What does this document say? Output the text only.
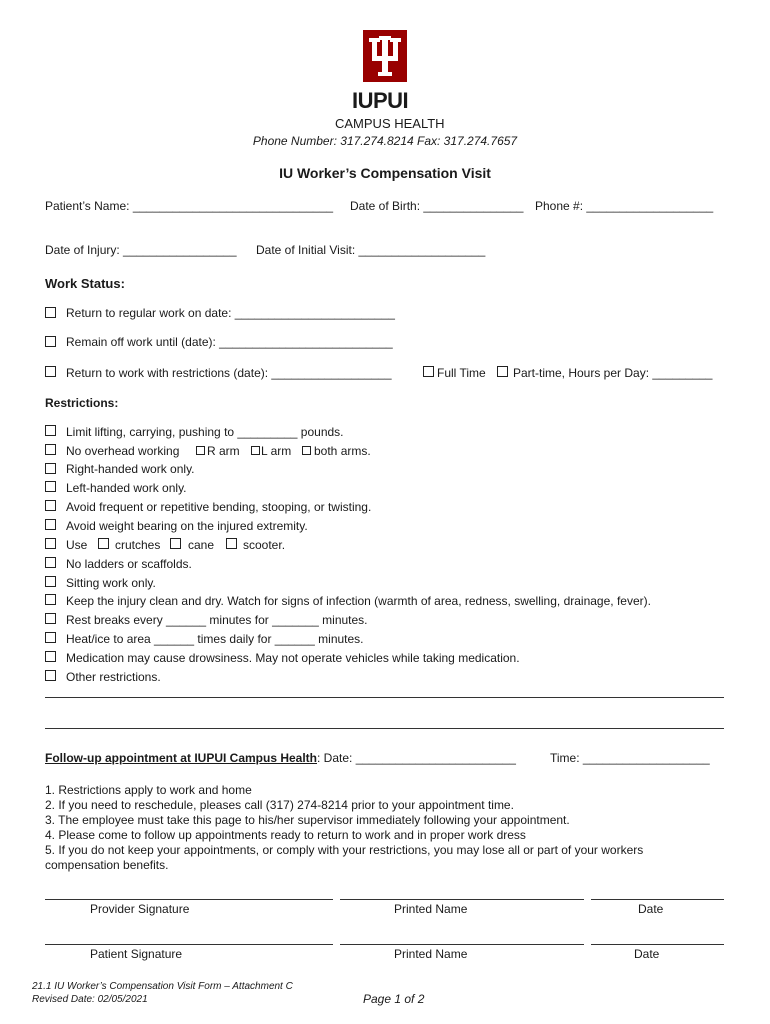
IUPUI
CAMPUS HEALTH
Phone Number: 317.274.8214 Fax: 317.274.7657
IU Worker’s Compensation Visit
Patient’s Name: ______________________________ Date of Birth: _______________ Phone #: ___________________
Date of Injury: _________________ Date of Initial Visit: ___________________
Work Status:
Return to regular work on date: ________________________
Remain off work until (date): __________________________
Return to work with restrictions (date): __________________	Full Time Part-time, Hours per Day: _________
Restrictions:
Limit lifting, carrying, pushing to _________ pounds.
No overhead working R arm L arm both arms.
Right-handed work only.
Left-handed work only.
Avoid frequent or repetitive bending, stooping, or twisting.
Avoid weight bearing on the injured extremity.
Use crutches cane scooter.
No ladders or scaffolds.
Sitting work only.
Keep the injury clean and dry. Watch for signs of infection (warmth of area, redness, swelling, drainage, fever).
Rest breaks every ______ minutes for _______ minutes.
Heat/ice to area ______ times daily for ______ minutes.
Medication may cause drowsiness. May not operate vehicles while taking medication.
Other restrictions.
Follow-up appointment at IUPUI Campus Health: Date: ________________________	Time: ___________________
1. Restrictions apply to work and home
2. If you need to reschedule, pleases call (317) 274-8214 prior to your appointment time.
3. The employee must take this page to his/her supervisor immediately following your appointment.
4. Please come to follow up appointments ready to return to work and in proper work dress
5. If you do not keep your appointments, or comply with your restrictions, you may lose all or part of your workers
compensation benefits.
Provider Signature	Printed Name	Date
Patient Signature	Printed Name	Date
21.1 IU Worker’s Compensation Visit Form – Attachment C
Revised Date: 02/05/2021	Page 1 of 2
